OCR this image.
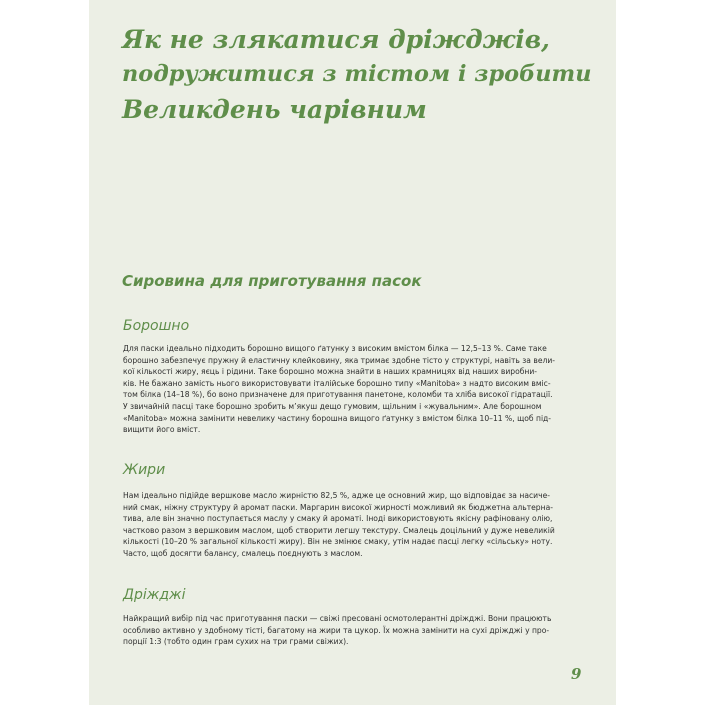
Як не злякатися дріжджів,
подружитися з тістом і зробити
Великдень чарівним
Сировина для приготування пасок
Борошно

Для паски ідеально підходить борошно вищого ґатунку з високим вмістом білка — 12,5–13 %. Саме таке
борошно забезпечує пружну й еластичну клейковину, яка тримає здобне тісто у структурі, навіть за вели-
кої кількості жиру, яєць і рідини. Таке борошно можна знайти в наших крамницях від наших виробни-
ків. Не бажано замість нього використовувати італійське борошно типу «Manitoba» з надто високим вміс-
том білка (14–18 %), бо воно призначене для приготування панетоне, коломби та хліба високої гідратації.
У звичайній пасці таке борошно зробить м’якуш дещо гумовим, щільним і «жувальним». Але борошном
«Manitoba» можна замінити невелику частину борошна вищого ґатунку з вмістом білка 10–11 %, щоб під-
вищити його вміст.

Жири

Нам ідеально підійде вершкове масло жирністю 82,5 %, адже це основний жир, що відповідає за насиче-
ний смак, ніжну структуру й аромат паски. Маргарин високої жирності можливий як бюджетна альтерна-
тива, але він значно поступається маслу у смаку й ароматі. Іноді використовують якісну рафіновану олію,
частково разом з вершковим маслом, щоб створити легшу текстуру. Смалець доцільний у дуже невеликій
кількості (10–20 % загальної кількості жиру). Він не змінює смаку, утім надає пасці легку «сільську» ноту.
Часто, щоб досягти балансу, смалець поєднують з маслом.

Дріжджі

Найкращий вибір під час приготування паски — свіжі пресовані осмотолерантні дріжджі. Вони працюють
особливо активно у здобному тісті, багатому на жири та цукор. Їх можна замінити на сухі дріжджі у про-
порції 1:3 (тобто один грам сухих на три грами свіжих).

9
